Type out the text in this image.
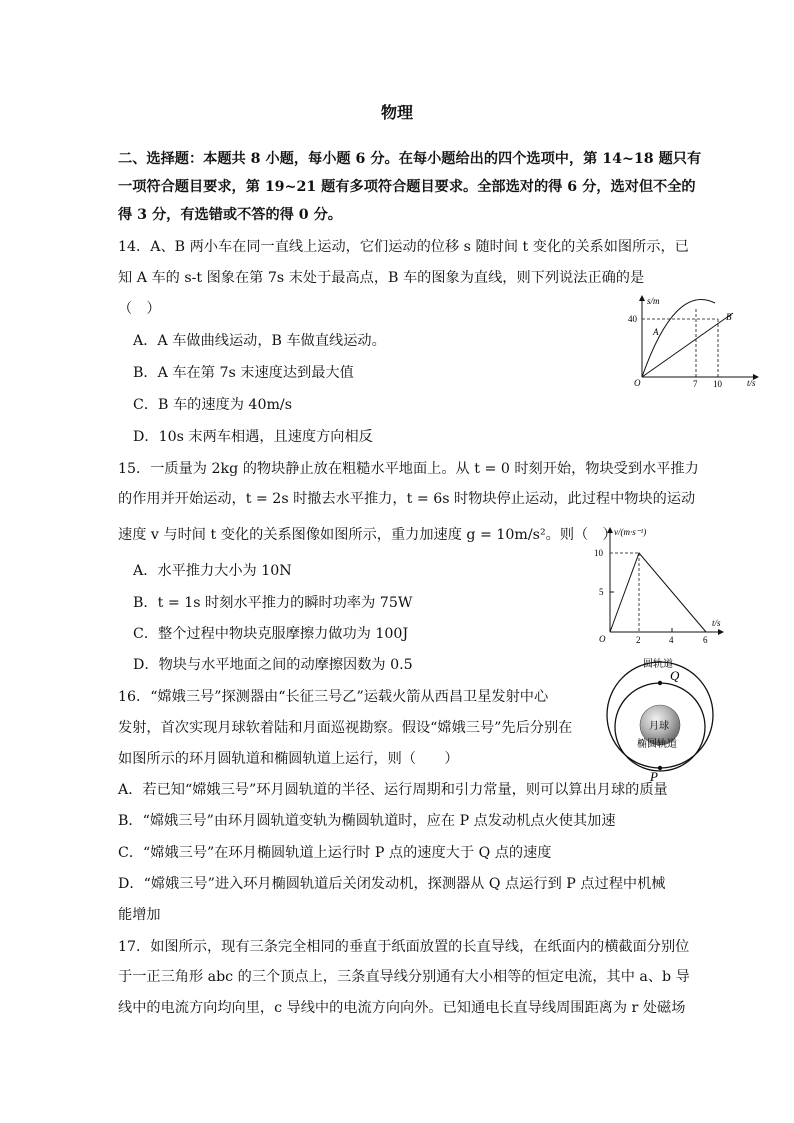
物理
二、选择题：本题共 8 小题，每小题 6 分。在每小题给出的四个选项中，第 14~18 题只有
一项符合题目要求，第 19~21 题有多项符合题目要求。全部选对的得 6 分，选对但不全的
得 3 分，有选错或不答的得 0 分。
14．A、B 两小车在同一直线上运动，它们运动的位移 s 随时间 t 变化的关系如图所示，已
知 A 车的 s-t 图象在第 7s 末处于最高点，B 车的图象为直线，则下列说法正确的是
（　）
A．A 车做曲线运动，B 车做直线运动。
B．A 车在第 7s 末速度达到最大值
C．B 车的速度为 40m/s
D．10s 末两车相遇，且速度方向相反
s/m
t/s
O
40
7 10
A
B
15．一质量为 2kg 的物块静止放在粗糙水平地面上。从 t = 0 时刻开始，物块受到水平推力
的作用并开始运动，t = 2s 时撤去水平推力，t = 6s 时物块停止运动，此过程中物块的运动
速度 v 与时间 t 变化的关系图像如图所示，重力加速度 g = 10m/s²。则（　）
A．水平推力大小为 10N
B．t = 1s 时刻水平推力的瞬时功率为 75W
C．整个过程中物块克服摩擦力做功为 100J
D．物块与水平地面之间的动摩擦因数为 0.5
v/(m·s⁻¹)
t/s
O
10
5
2	4	6
16．“嫦娥三号”探测器由“长征三号乙”运载火箭从西昌卫星发射中心
发射，首次实现月球软着陆和月面巡视勘察。假设“嫦娥三号”先后分别在
如图所示的环月圆轨道和椭圆轨道上运行，则（　　）
A．若已知“嫦娥三号”环月圆轨道的半径、运行周期和引力常量，则可以算出月球的质量
B．“嫦娥三号”由环月圆轨道变轨为椭圆轨道时，应在 P 点发动机点火使其加速
C．“嫦娥三号”在环月椭圆轨道上运行时 P 点的速度大于 Q 点的速度
D．“嫦娥三号”进入环月椭圆轨道后关闭发动机，探测器从 Q 点运行到 P 点过程中机械
能增加
圆轨道
Q
月球
椭圆轨道
P
17．如图所示，现有三条完全相同的垂直于纸面放置的长直导线，在纸面内的横截面分别位
于一正三角形 abc 的三个顶点上，三条直导线分别通有大小相等的恒定电流，其中 a、b 导
线中的电流方向均向里，c 导线中的电流方向向外。已知通电长直导线周围距离为 r 处磁场
